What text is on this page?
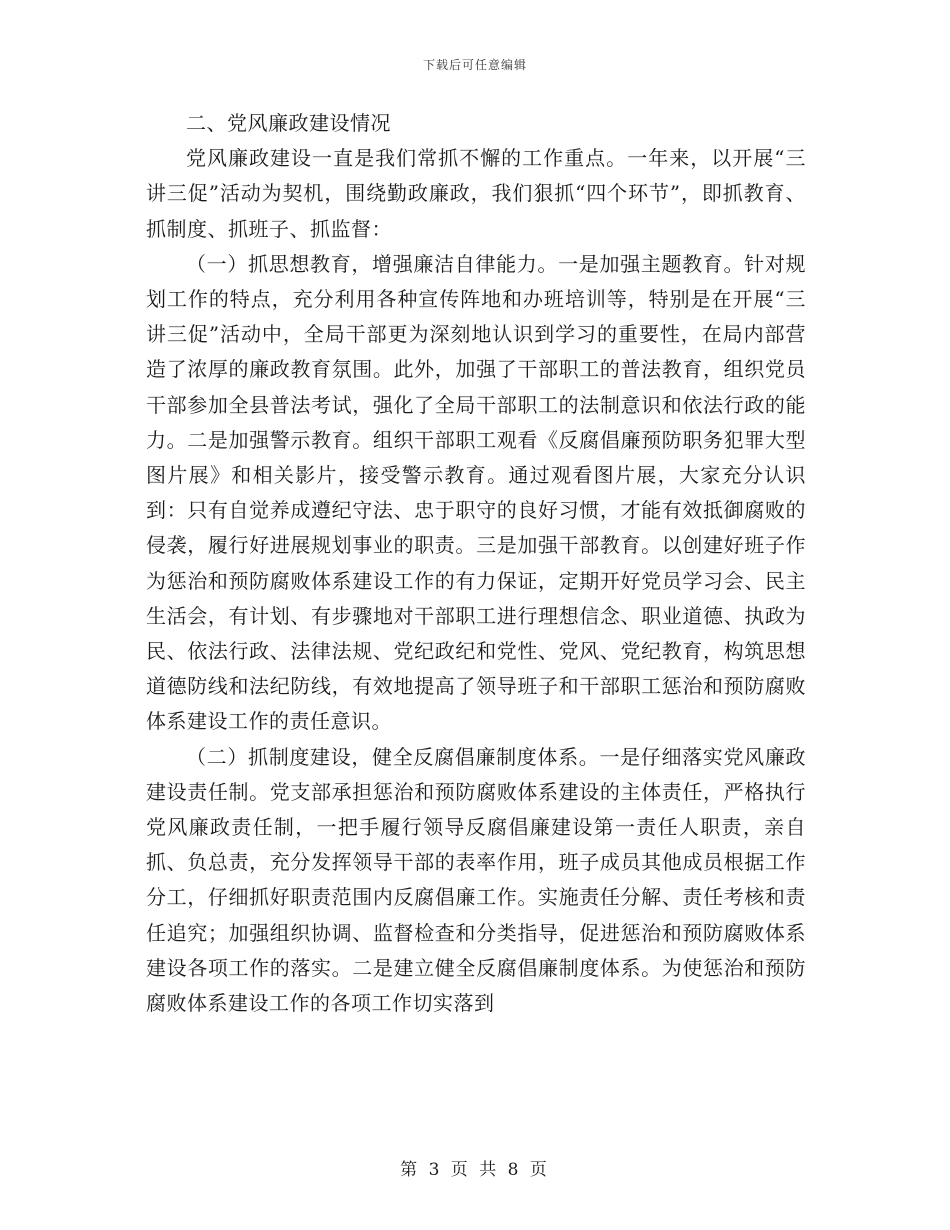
下载后可任意编辑

二、党风廉政建设情况

党风廉政建设一直是我们常抓不懈的工作重点。一年来，以开展“三讲三促”活动为契机，围绕勤政廉政，我们狠抓“四个环节”，即抓教育、抓制度、抓班子、抓监督：

（一）抓思想教育，增强廉洁自律能力。一是加强主题教育。针对规划工作的特点，充分利用各种宣传阵地和办班培训等，特别是在开展“三讲三促”活动中，全局干部更为深刻地认识到学习的重要性，在局内部营造了浓厚的廉政教育氛围。此外，加强了干部职工的普法教育，组织党员干部参加全县普法考试，强化了全局干部职工的法制意识和依法行政的能力。二是加强警示教育。组织干部职工观看《反腐倡廉预防职务犯罪大型图片展》和相关影片，接受警示教育。通过观看图片展，大家充分认识到：只有自觉养成遵纪守法、忠于职守的良好习惯，才能有效抵御腐败的侵袭，履行好进展规划事业的职责。三是加强干部教育。以创建好班子作为惩治和预防腐败体系建设工作的有力保证，定期开好党员学习会、民主生活会，有计划、有步骤地对干部职工进行理想信念、职业道德、执政为民、依法行政、法律法规、党纪政纪和党性、党风、党纪教育，构筑思想道德防线和法纪防线，有效地提高了领导班子和干部职工惩治和预防腐败体系建设工作的责任意识。

（二）抓制度建设，健全反腐倡廉制度体系。一是仔细落实党风廉政建设责任制。党支部承担惩治和预防腐败体系建设的主体责任，严格执行党风廉政责任制，一把手履行领导反腐倡廉建设第一责任人职责，亲自抓、负总责，充分发挥领导干部的表率作用，班子成员其他成员根据工作分工，仔细抓好职责范围内反腐倡廉工作。实施责任分解、责任考核和责任追究；加强组织协调、监督检查和分类指导，促进惩治和预防腐败体系建设各项工作的落实。二是建立健全反腐倡廉制度体系。为使惩治和预防腐败体系建设工作的各项工作切实落到

第 3 页 共 8 页
